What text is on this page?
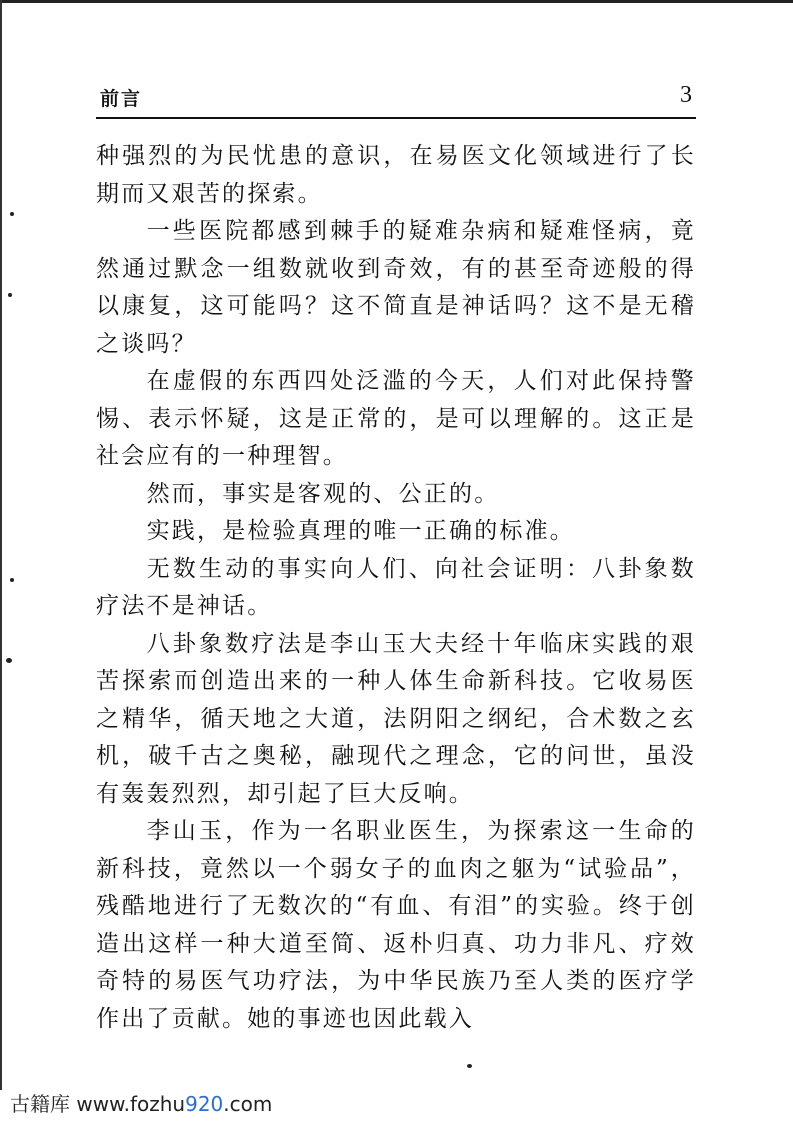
前言	3

种强烈的为民忧患的意识，在易医文化领域进行了长期而又艰苦的探索。

一些医院都感到棘手的疑难杂病和疑难怪病，竟然通过默念一组数就收到奇效，有的甚至奇迹般的得以康复，这可能吗？这不简直是神话吗？这不是无稽之谈吗？

在虚假的东西四处泛滥的今天，人们对此保持警惕、表示怀疑，这是正常的，是可以理解的。这正是社会应有的一种理智。

然而，事实是客观的、公正的。

实践，是检验真理的唯一正确的标准。

无数生动的事实向人们、向社会证明：八卦象数疗法不是神话。

八卦象数疗法是李山玉大夫经十年临床实践的艰苦探索而创造出来的一种人体生命新科技。它收易医之精华，循天地之大道，法阴阳之纲纪，合术数之玄机，破千古之奥秘，融现代之理念，它的问世，虽没有轰轰烈烈，却引起了巨大反响。

李山玉，作为一名职业医生，为探索这一生命的新科技，竟然以一个弱女子的血肉之躯为“试验品”，残酷地进行了无数次的“有血、有泪”的实验。终于创造出这样一种大道至简、返朴归真、功力非凡、疗效奇特的易医气功疗法，为中华民族乃至人类的医疗学作出了贡献。她的事迹也因此载入

古籍库 www.fozhu920.com
